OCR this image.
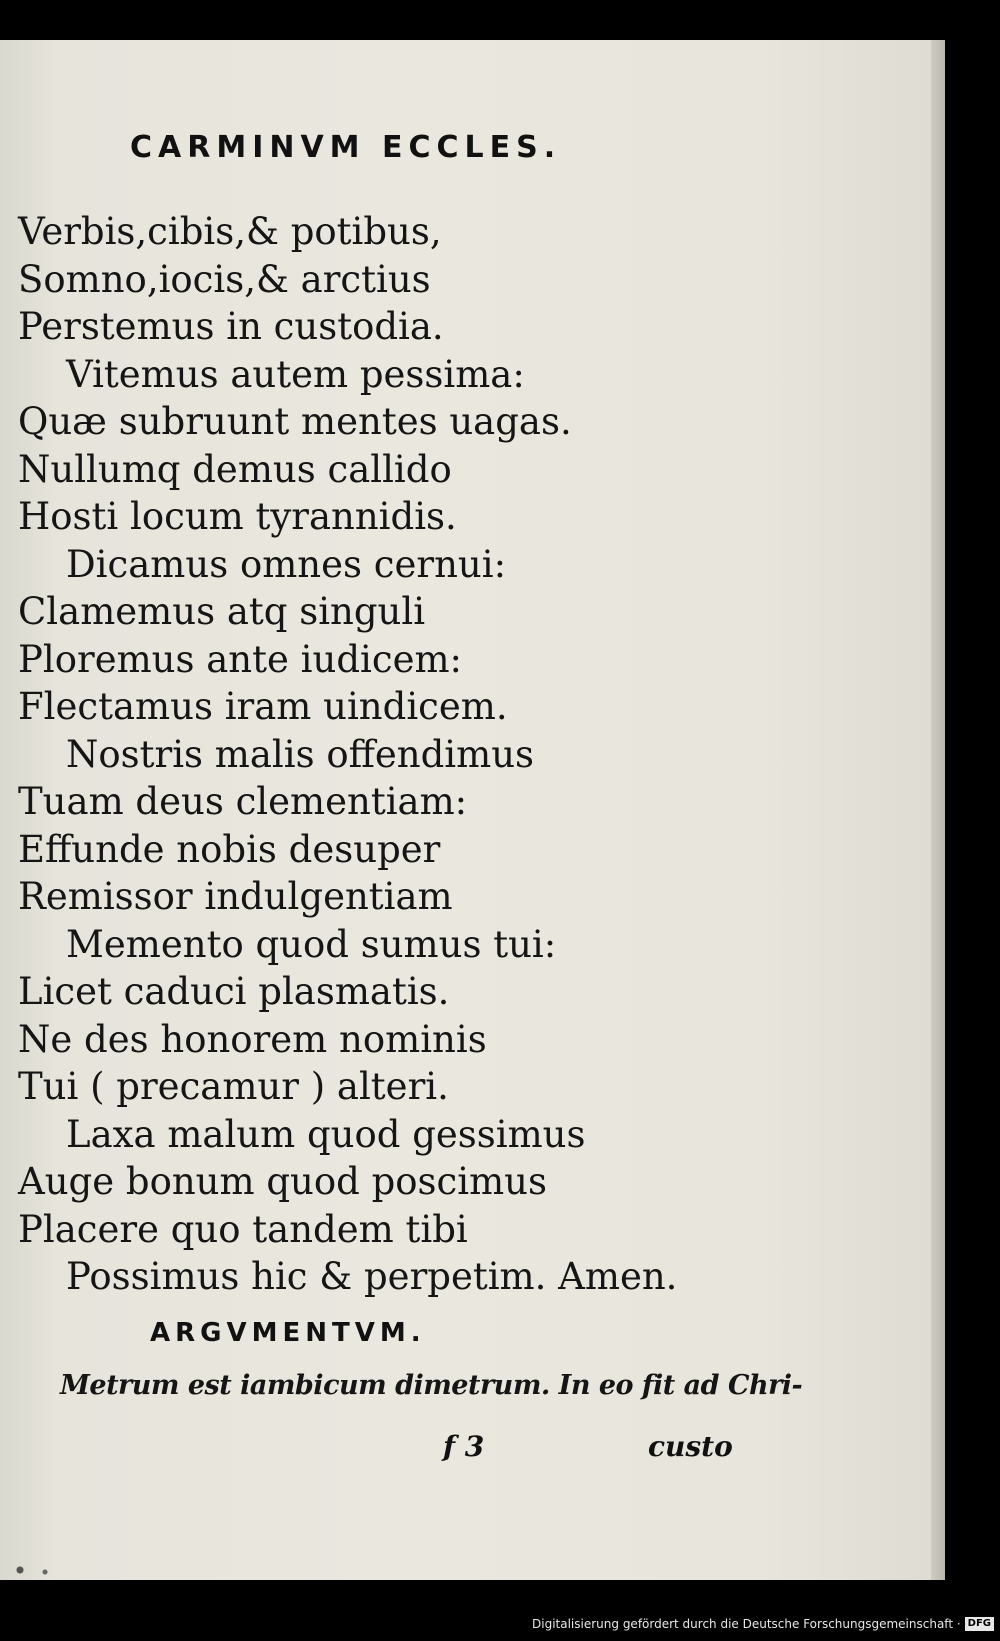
CARMINVM ECCLES.
Verbis,cibis,& potibus,
Somno,iocis,& arctius
Perstemus in custodia.
Vitemus autem pessima:
Quæ subruunt mentes uagas.
Nullumq demus callido
Hosti locum tyrannidis.
Dicamus omnes cernui:
Clamemus atq singuli
Ploremus ante iudicem:
Flectamus iram uindicem.
Nostris malis offendimus
Tuam deus clementiam:
Effunde nobis desuper
Remissor indulgentiam
Memento quod sumus tui:
Licet caduci plasmatis.
Ne des honorem nominis
Tui ( precamur ) alteri.
Laxa malum quod gessimus
Auge bonum quod poscimus
Placere quo tandem tibi
Possimus hic & perpetim. Amen.
ARGVMENTVM.
Metrum est iambicum dimetrum. In eo fit ad Chri-
f 3	custo
Digitalisierung gefördert durch die Deutsche Forschungsgemeinschaft · DFG
